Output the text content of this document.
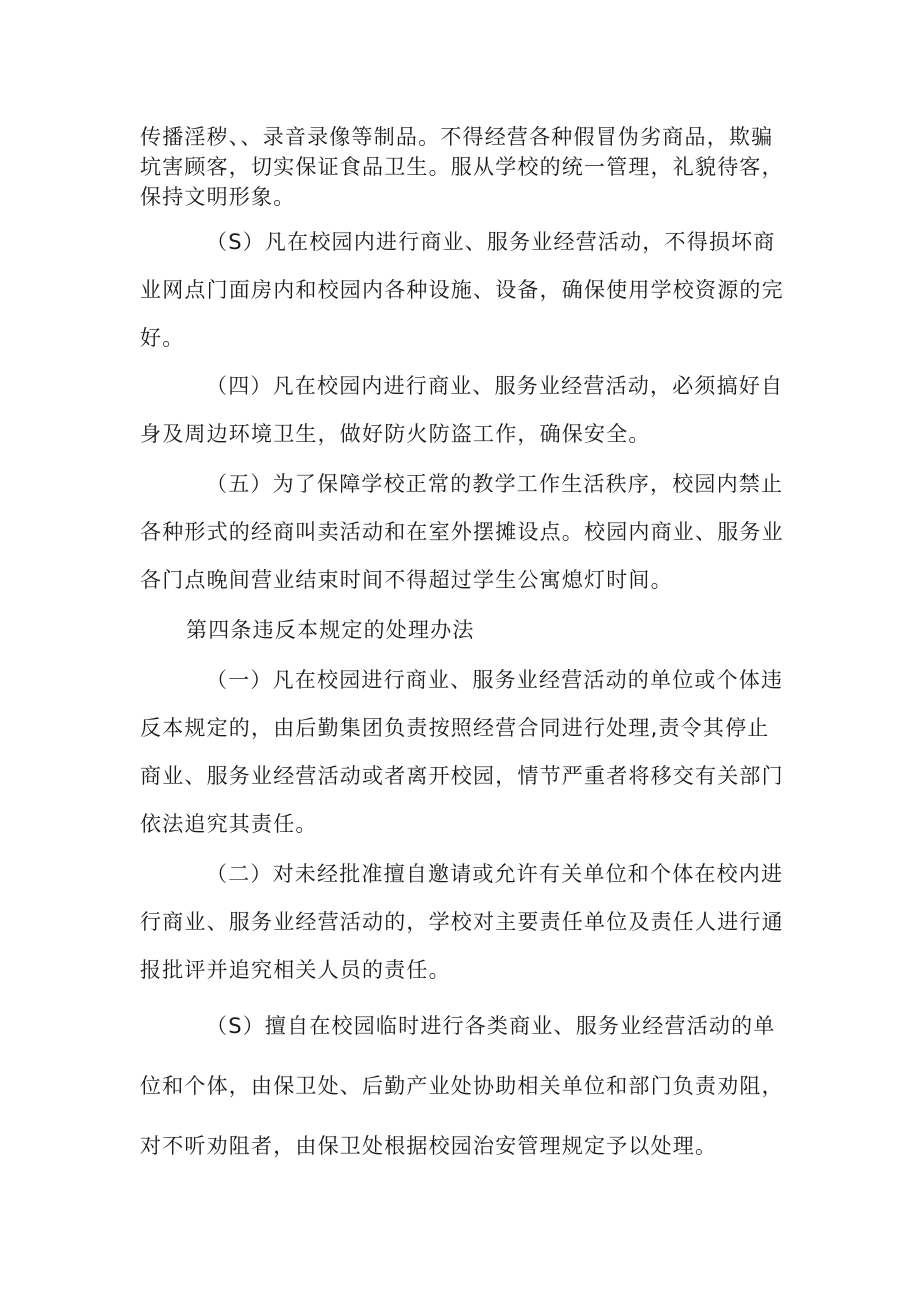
传播淫秽、、录音录像等制品。不得经营各种假冒伪劣商品，欺骗坑害顾客，切实保证食品卫生。服从学校的统一管理，礼貌待客，保持文明形象。

（S）凡在校园内进行商业、服务业经营活动，不得损坏商业网点门面房内和校园内各种设施、设备，确保使用学校资源的完好。

（四）凡在校园内进行商业、服务业经营活动，必须搞好自身及周边环境卫生，做好防火防盗工作，确保安全。

（五）为了保障学校正常的教学工作生活秩序，校园内禁止各种形式的经商叫卖活动和在室外摆摊设点。校园内商业、服务业各门点晚间营业结束时间不得超过学生公寓熄灯时间。

第四条违反本规定的处理办法

（一）凡在校园进行商业、服务业经营活动的单位或个体违反本规定的，由后勤集团负责按照经营合同进行处理,责令其停止商业、服务业经营活动或者离开校园，情节严重者将移交有关部门依法追究其责任。

（二）对未经批准擅自邀请或允许有关单位和个体在校内进行商业、服务业经营活动的，学校对主要责任单位及责任人进行通报批评并追究相关人员的责任。

（S）擅自在校园临时进行各类商业、服务业经营活动的单位和个体，由保卫处、后勤产业处协助相关单位和部门负责劝阻，对不听劝阻者，由保卫处根据校园治安管理规定予以处理。
